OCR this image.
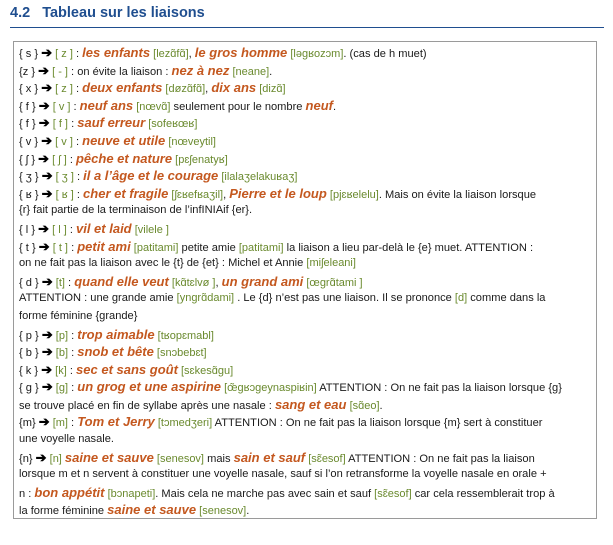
4.2 Tableau sur les liaisons
{ s } ➔ [ z ] : les enfants [lezɑ̃fɑ̃], le gros homme [ləgʁozɔm]. (cas de h muet)
{z } ➔ [ - ] : on évite la liaison : nez à nez [neane].
{ x } ➔ [ z ] : deux enfants [døzɑ̃fɑ̃], dix ans [dizɑ̃]
{ f } ➔ [ v ] : neuf ans [nœvɑ̃] seulement pour le nombre neuf.
{ f } ➔ [ f ] : sauf erreur [sofeʁœʁ]
{ v } ➔ [ v ] : neuve et utile [nœveytil]
{ ʃ } ➔ [ ʃ ] : pêche et nature [pɛʃenatyʁ]
{ ʒ } ➔ [ ʒ ] : il a l’âge et le courage [ilalaʒelakuʁaʒ]
{ ʁ } ➔ [ ʁ ] : cher et fragile [ʃɛʁefʁaʒil], Pierre et le loup [pjɛʁelelu]. Mais on évite la liaison lorsque
{r} fait partie de la terminaison de l’infINIAif {er}.
{ l } ➔ [ l ] : vil et laid [vilele ]
{ t } ➔ [ t ] : petit ami [patitami] petite amie [patitami] la liaison a lieu par-delà le {e} muet. ATTENTION :
on ne fait pas la liaison avec le {t} de {et} : Michel et Annie [miʃeleani]
{ d } ➔ [t] : quand elle veut [kɑ̃tɛlvø ], un grand ami [œgrɑ̃tami ]
ATTENTION : une grande amie [yngrɑ̃dami] . Le {d} n’est pas une liaison. Il se prononce [d] comme dans la
forme féminine {grande}
{ p } ➔ [p] : trop aimable [tʁopɛmabl]
{ b } ➔ [b] : snob et bête [snɔbebɛt]
{ k } ➔ [k] : sec et sans goût [sɛkesɑ̃gu]
{ g } ➔ [g] : un grog et une aspirine [œ̃gʁɔgeynaspiʁin] ATTENTION : On ne fait pas la liaison lorsque {g}
se trouve placé en fin de syllabe après une nasale : sang et eau [sɑ̃eo].
{m} ➔ [m] : Tom et Jerry [tɔmedʒeri] ATTENTION : On ne fait pas la liaison lorsque {m} sert à constituer
une voyelle nasale.
{n} ➔ [n] saine et sauve [senesov] mais sain et sauf [sɛ̃esof] ATTENTION : On ne fait pas la liaison
lorsque m et n servent à constituer une voyelle nasale, sauf si l’on retransforme la voyelle nasale en orale +
n : bon appétit [bɔnapeti]. Mais cela ne marche pas avec sain et sauf [sɛ̃esof] car cela ressemblerait trop à
la forme féminine saine et sauve [senesov].
